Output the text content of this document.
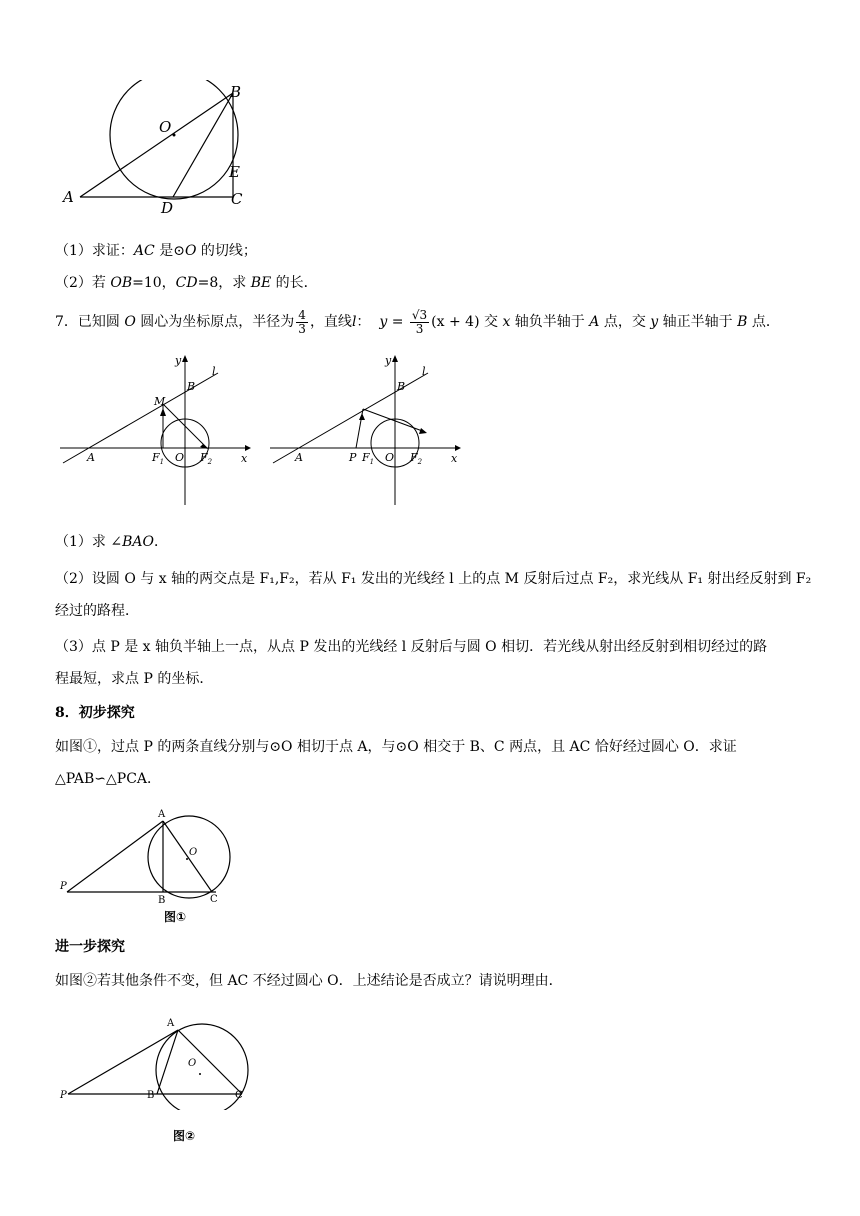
A
B
O
E
C
D
（1）求证：AC 是⊙O 的切线；
（2）若 OB=10，CD=8，求 BE 的长．
7．已知圆 O 圆心为坐标原点，半径为 $\frac{4}{3}$ ，直线l： $y = \frac{√3}{3} (x + 4)$ 交 x 轴负半轴于 A 点，交 y 轴正半轴于 B 点．
y
l
B
M
A	$F_1$ O $F_2$	x
y
l
B
A	P $F_1$ O $F_2$	x
（1）求 ∠BAO．
（2）设圆 O 与 x 轴的两交点是 F₁,F₂，若从 F₁ 发出的光线经 l 上的点 M 反射后过点 F₂，求光线从 F₁ 射出经反射到 F₂
经过的路程．
（3）点 P 是 x 轴负半轴上一点，从点 P 发出的光线经 l 反射后与圆 O 相切．若光线从射出经反射到相切经过的路
程最短，求点 P 的坐标．
8．初步探究
如图①，过点 P 的两条直线分别与⊙O 相切于点 A，与⊙O 相交于 B、C 两点，且 AC 恰好经过圆心 O．求证
△PAB∽△PCA．
A
O
P
B	C
图①
进一步探究
如图②若其他条件不变，但 AC 不经过圆心 O．上述结论是否成立？请说明理由．
A
O
P	B	C
图②
